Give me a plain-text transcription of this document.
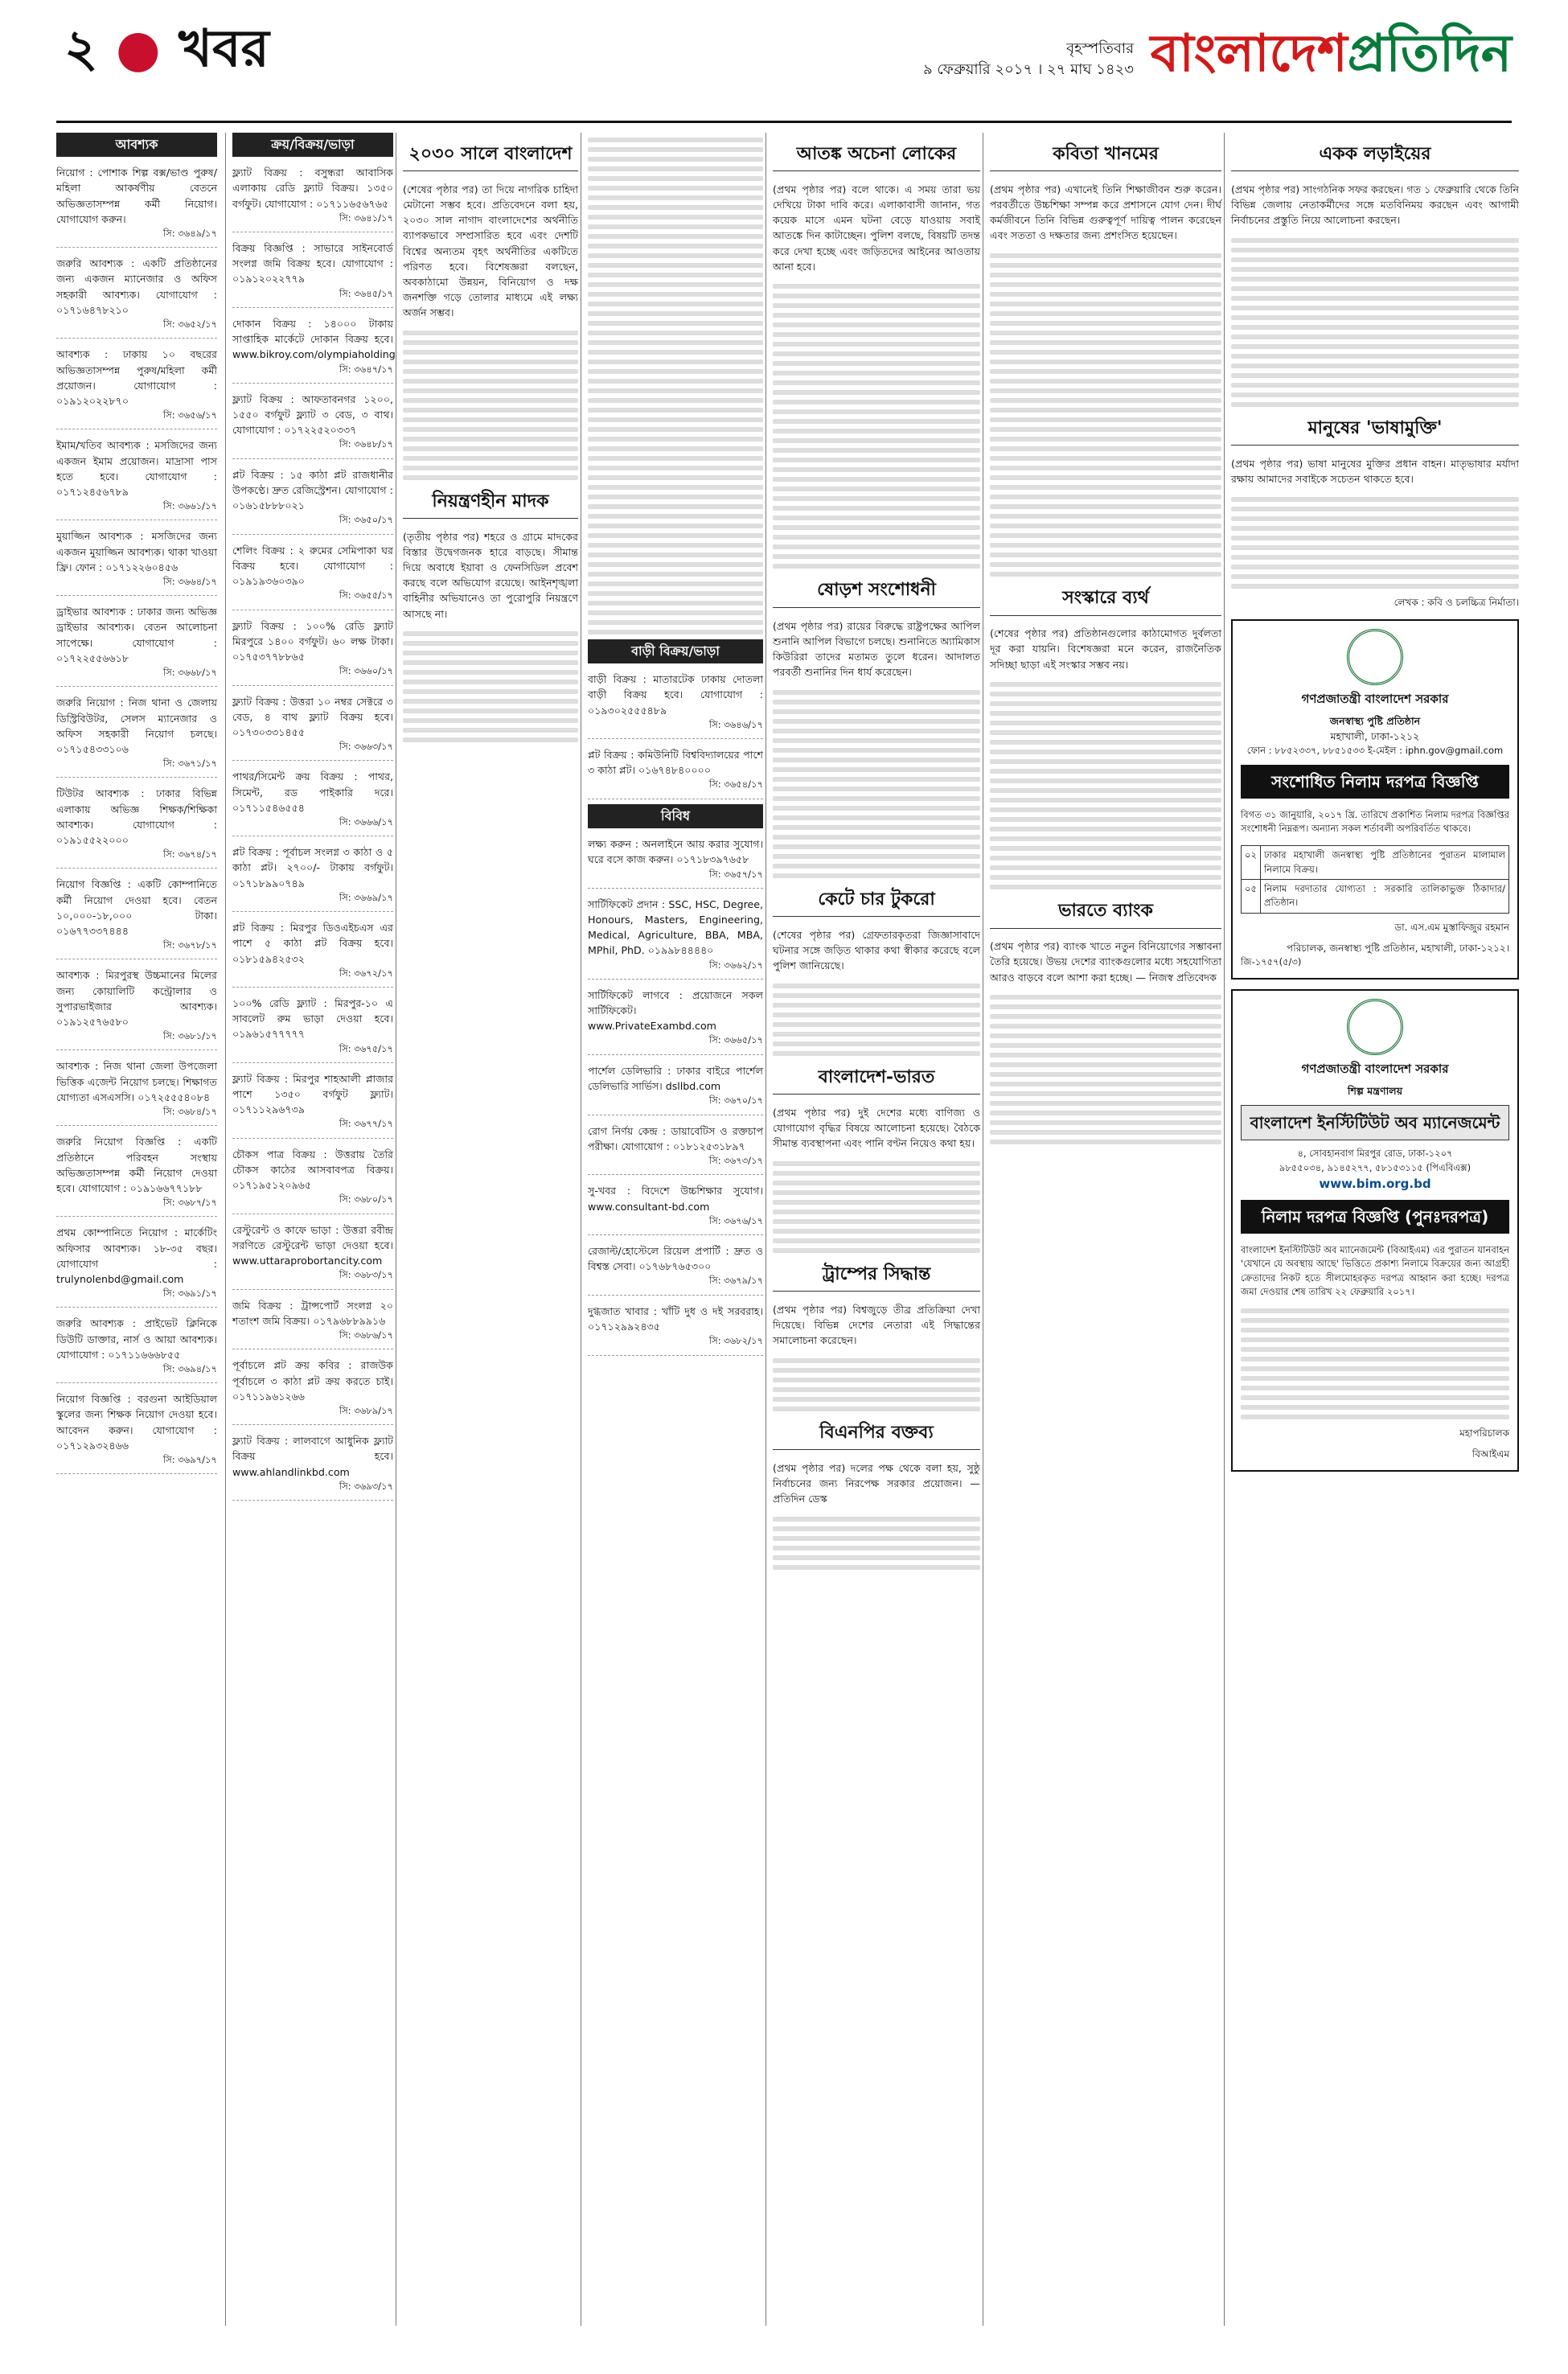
২ ● খবর	বৃহস্পতিবার
৯ ফেব্রুয়ারি ২০১৭ । ২৭ মাঘ ১৪২৩ বাংলাদেশপ্রতিদিন
আবশ্যক
নিয়োগ : পোশাক শিল্প বক্স/ভাণ্ড পুরুষ/মহিলা আকর্ষণীয় বেতনে অভিজ্ঞতাসম্পন্ন কর্মী নিয়োগ। যোগাযোগ করুন।
সি: ৩৬৪৯/১৭
জরুরি আবশ্যক : একটি প্রতিষ্ঠানের জন্য একজন ম্যানেজার ও অফিস সহকারী আবশ্যক। যোগাযোগ : ০১৭১৬৪৭৮২১০
সি: ৩৬৫২/১৭
আবশ্যক : ঢাকায় ১০ বছরের অভিজ্ঞতাসম্পন্ন পুরুষ/মহিলা কর্মী প্রয়োজন। যোগাযোগ : ০১৯১২০২২৮৭০
সি: ৩৬৫৬/১৭
ইমাম/খতিব আবশ্যক : মসজিদের জন্য একজন ইমাম প্রয়োজন। মাদ্রাসা পাস হতে হবে। যোগাযোগ : ০১৭১২৪৫৬৭৮৯
সি: ৩৬৬১/১৭
মুয়াজ্জিন আবশ্যক : মসজিদের জন্য একজন মুয়াজ্জিন আবশ্যক। থাকা খাওয়া ফ্রি। ফোন : ০১৭১২২৬০৪৫৬
সি: ৩৬৬৪/১৭
ড্রাইভার আবশ্যক : ঢাকার জন্য অভিজ্ঞ ড্রাইভার আবশ্যক। বেতন আলোচনা সাপেক্ষে। যোগাযোগ : ০১৭২২৫৫৬৬১৮
সি: ৩৬৬৮/১৭
জরুরি নিয়োগ : নিজ থানা ও জেলায় ডিস্ট্রিবিউটর, সেলস ম্যানেজার ও অফিস সহকারী নিয়োগ চলছে। ০১৭১৫৪৩৩১০৬
সি: ৩৬৭১/১৭
টিউটর আবশ্যক : ঢাকার বিভিন্ন এলাকায় অভিজ্ঞ শিক্ষক/শিক্ষিকা আবশ্যক। যোগাযোগ : ০১৯১৫৫২২০০০
সি: ৩৬৭৪/১৭
নিয়োগ বিজ্ঞপ্তি : একটি কোম্পানিতে কর্মী নিয়োগ দেওয়া হবে। বেতন ১০,০০০-১৮,০০০ টাকা। ০১৬৭৭৩৩৭৪৪৪
সি: ৩৬৭৮/১৭
আবশ্যক : মিরপুরস্থ উচ্চমানের মিলের জন্য কোয়ালিটি কন্ট্রোলার ও সুপারভাইজার আবশ্যক। ০১৯১২৫৭৬৫৮০
সি: ৩৬৮১/১৭
আবশ্যক : নিজ থানা জেলা উপজেলা ভিত্তিক এজেন্ট নিয়োগ চলছে। শিক্ষাগত যোগ্যতা এসএসসি। ০১৭২৫৫৫৪০৮৪
সি: ৩৬৮৪/১৭
জরুরি নিয়োগ বিজ্ঞপ্তি : একটি প্রতিষ্ঠানে পরিবহন সংস্থায় অভিজ্ঞতাসম্পন্ন কর্মী নিয়োগ দেওয়া হবে। যোগাযোগ : ০১৯১৬৬৭৭১৮৮
সি: ৩৬৮৭/১৭
প্রথম কোম্পানিতে নিয়োগ : মার্কেটিং অফিসার আবশ্যক। ১৮-৩৫ বছর। যোগাযোগ : trulynolenbd@gmail.com
সি: ৩৬৯১/১৭
জরুরি আবশ্যক : প্রাইভেট ক্লিনিকে ডিউটি ডাক্তার, নার্স ও আয়া আবশ্যক। যোগাযোগ : ০১৭১১৬৬৬৮৫৫
সি: ৩৬৯৪/১৭
নিয়োগ বিজ্ঞপ্তি : বরগুনা আইডিয়াল স্কুলের জন্য শিক্ষক নিয়োগ দেওয়া হবে। আবেদন করুন। যোগাযোগ : ০১৭১২৯৩২৪৬৬
সি: ৩৬৯৭/১৭
ক্রয়/বিক্রয়/ভাড়া
ফ্ল্যাট বিক্রয় : বসুন্ধরা আবাসিক এলাকায় রেডি ফ্ল্যাট বিক্রয়। ১৩৫০ বর্গফুট। যোগাযোগ : ০১৭১১৬৫৬৭৬৫
সি: ৩৬৪১/১৭
বিক্রয় বিজ্ঞপ্তি : সাভারে সাইনবোর্ড সংলগ্ন জমি বিক্রয় হবে। যোগাযোগ : ০১৯১২০২২৭৭৯
সি: ৩৬৪৫/১৭
দোকান বিক্রয় : ১৪০০০ টাকায় সাপ্তাহিক মার্কেটে দোকান বিক্রয় হবে। www.bikroy.com/olympiaholding
সি: ৩৬৪৭/১৭
ফ্ল্যাট বিক্রয় : আফতাবনগর ১২০০, ১৫৫০ বর্গফুট ফ্ল্যাট ৩ বেড, ৩ বাথ। যোগাযোগ : ০১৭২২৫২০৩৩৭
সি: ৩৬৪৮/১৭
প্লট বিক্রয় : ১৫ কাঠা প্লট রাজধানীর উপকণ্ঠে। দ্রুত রেজিস্ট্রেশন। যোগাযোগ : ০১৬১৫৮৮৮০২১
সি: ৩৬৫০/১৭
শেলিং বিক্রয় : ২ রুমের সেমিপাকা ঘর বিক্রয় হবে। যোগাযোগ : ০১৯১৯৩৬০৩৯০
সি: ৩৬৫৫/১৭
ফ্ল্যাট বিক্রয় : ১০০% রেডি ফ্ল্যাট মিরপুরে ১৪০০ বর্গফুট। ৬০ লক্ষ টাকা। ০১৭৫৩৭৭৮৮৬৫
সি: ৩৬৬০/১৭
ফ্ল্যাট বিক্রয় : উত্তরা ১০ নম্বর সেক্টরে ৩ বেড, ৪ বাথ ফ্ল্যাট বিক্রয় হবে। ০১৭৩০৩৩১৪৫৫
সি: ৩৬৬৩/১৭
পাথর/সিমেন্ট ক্রয় বিক্রয় : পাথর, সিমেন্ট, রড পাইকারি দরে। ০১৭১১৫৪৬৫৫৪
সি: ৩৬৬৬/১৭
প্লট বিক্রয় : পূর্বাচল সংলগ্ন ৩ কাঠা ও ৫ কাঠা প্লট। ২৭০০/- টাকায় বর্গফুট। ০১৭১৮৯৯০৭৪৯
সি: ৩৬৬৯/১৭
প্লট বিক্রয় : মিরপুর ডিওএইচএস এর পাশে ৫ কাঠা প্লট বিক্রয় হবে। ০১৮১৫৯৪২৫৩২
সি: ৩৬৭২/১৭
১০০% রেডি ফ্ল্যাট : মিরপুর-১০ এ সাবলেট রুম ভাড়া দেওয়া হবে। ০১৯৬১৫৭৭৭৭৭
সি: ৩৬৭৫/১৭
ফ্ল্যাট বিক্রয় : মিরপুর শাহআলী প্লাজার পাশে ১৩৫০ বর্গফুট ফ্ল্যাট। ০১৭১১২৯৬৭৩৯
সি: ৩৬৭৭/১৭
চৌকস পাত্র বিক্রয় : উত্তরায় তৈরি চৌকস কাঠের আসবাবপত্র বিক্রয়। ০১৭১৯৫১২০৯৬৫
সি: ৩৬৮০/১৭
রেস্টুরেন্ট ও কাফে ভাড়া : উত্তরা রবীন্দ্র সরণিতে রেস্টুরেন্ট ভাড়া দেওয়া হবে। www.uttaraprobortancity.com
সি: ৩৬৮৩/১৭
জমি বিক্রয় : ট্রান্সপোর্ট সংলগ্ন ২০ শতাংশ জমি বিক্রয়। ০১৭৯৬৮৮৯৯১৬
সি: ৩৬৮৬/১৭
পূর্বাচলে প্লট ক্রয় কবির : রাজউক পূর্বাচলে ৩ কাঠা প্লট ক্রয় করতে চাই। ০১৭১১৯৬১২৬৬
সি: ৩৬৮৯/১৭
ফ্ল্যাট বিক্রয় : লালবাগে আধুনিক ফ্ল্যাট বিক্রয় হবে। www.ahlandlinkbd.com
সি: ৩৬৯৩/১৭
২০৩০ সালে বাংলাদেশ

(শেষের পৃষ্ঠার পর) তা দিয়ে নাগরিক চাহিদা মেটানো সম্ভব হবে। প্রতিবেদনে বলা হয়, ২০৩০ সাল নাগাদ বাংলাদেশের অর্থনীতি ব্যাপকভাবে সম্প্রসারিত হবে এবং দেশটি বিশ্বের অন্যতম বৃহৎ অর্থনীতির একটিতে পরিণত হবে। বিশেষজ্ঞরা বলছেন, অবকাঠামো উন্নয়ন, বিনিয়োগ ও দক্ষ জনশক্তি গড়ে তোলার মাধ্যমে এই লক্ষ্য অর্জন সম্ভব।

নিয়ন্ত্রণহীন মাদক

(তৃতীয় পৃষ্ঠার পর) শহরে ও গ্রামে মাদকের বিস্তার উদ্বেগজনক হারে বাড়ছে। সীমান্ত দিয়ে অবাধে ইয়াবা ও ফেনসিডিল প্রবেশ করছে বলে অভিযোগ রয়েছে। আইনশৃঙ্খলা বাহিনীর অভিযানেও তা পুরোপুরি নিয়ন্ত্রণে আসছে না।

বাড়ী বিক্রয়/ভাড়া
বাড়ী বিক্রয় : মাতারটেক ঢাকায় দোতলা বাড়ী বিক্রয় হবে। যোগাযোগ : ০১৯৩০২৫৫৫৪৮৯
সি: ৩৬৪৬/১৭
প্লট বিক্রয় : কমিউনিটি বিশ্ববিদ্যালয়ের পাশে ৩ কাঠা প্লট। ০১৬৭৪৮৪০০০০
সি: ৩৬৫৪/১৭
বিবিধ
লক্ষ্য করুন : অনলাইনে আয় করার সুযোগ। ঘরে বসে কাজ করুন। ০১৭১৮৩৯৭৬৫৮
সি: ৩৬৫৭/১৭
সার্টিফিকেট প্রদান : SSC, HSC, Degree, Honours, Masters, Engineering, Medical, Agriculture, BBA, MBA, MPhil, PhD. ০১৯৯৮৪৪৪৪০
সি: ৩৬৬২/১৭
সার্টিফিকেট লাগবে : প্রয়োজনে সকল সার্টিফিকেট। www.PrivateExambd.com
সি: ৩৬৬৫/১৭
পার্শেল ডেলিভারি : ঢাকার বাইরে পার্শেল ডেলিভারি সার্ভিস। dsllbd.com
সি: ৩৬৭০/১৭
রোগ নির্ণয় কেন্দ্র : ডায়াবেটিস ও রক্তচাপ পরীক্ষা। যোগাযোগ : ০১৮১২৫৩১৮৯৭
সি: ৩৬৭৩/১৭
সু-খবর : বিদেশে উচ্চশিক্ষার সুযোগ। www.consultant-bd.com
সি: ৩৬৭৬/১৭
রেজাল্ট/হোস্টেলে রিয়েল প্রপার্টি : দ্রুত ও বিশ্বস্ত সেবা। ০১৭৬৮৭৬৫৩০০
সি: ৩৬৭৯/১৭
দুগ্ধজাত খাবার : খাঁটি দুধ ও দই সরবরাহ। ০১৭১২৯৯২৪৩৫
সি: ৩৬৮২/১৭
আতঙ্ক অচেনা লোকের

(প্রথম পৃষ্ঠার পর) বলে থাকে। এ সময় তারা ভয় দেখিয়ে টাকা দাবি করে। এলাকাবাসী জানান, গত কয়েক মাসে এমন ঘটনা বেড়ে যাওয়ায় সবাই আতঙ্কে দিন কাটাচ্ছেন। পুলিশ বলছে, বিষয়টি তদন্ত করে দেখা হচ্ছে এবং জড়িতদের আইনের আওতায় আনা হবে।

ষোড়শ সংশোধনী

(প্রথম পৃষ্ঠার পর) রায়ের বিরুদ্ধে রাষ্ট্রপক্ষের আপিল শুনানি আপিল বিভাগে চলছে। শুনানিতে অ্যামিকাস কিউরিরা তাদের মতামত তুলে ধরেন। আদালত পরবর্তী শুনানির দিন ধার্য করেছেন।

কেটে চার টুকরো

(শেষের পৃষ্ঠার পর) গ্রেফতারকৃতরা জিজ্ঞাসাবাদে ঘটনার সঙ্গে জড়িত থাকার কথা স্বীকার করেছে বলে পুলিশ জানিয়েছে।

বাংলাদেশ-ভারত

(প্রথম পৃষ্ঠার পর) দুই দেশের মধ্যে বাণিজ্য ও যোগাযোগ বৃদ্ধির বিষয়ে আলোচনা হয়েছে। বৈঠকে সীমান্ত ব্যবস্থাপনা এবং পানি বণ্টন নিয়েও কথা হয়।

ট্রাম্পের সিদ্ধান্ত

(প্রথম পৃষ্ঠার পর) বিশ্বজুড়ে তীব্র প্রতিক্রিয়া দেখা দিয়েছে। বিভিন্ন দেশের নেতারা এই সিদ্ধান্তের সমালোচনা করেছেন।

বিএনপির বক্তব্য

(প্রথম পৃষ্ঠার পর) দলের পক্ষ থেকে বলা হয়, সুষ্ঠু নির্বাচনের জন্য নিরপেক্ষ সরকার প্রয়োজন। — প্রতিদিন ডেস্ক

কবিতা খানমের

(প্রথম পৃষ্ঠার পর) এখানেই তিনি শিক্ষাজীবন শুরু করেন। পরবর্তীতে উচ্চশিক্ষা সম্পন্ন করে প্রশাসনে যোগ দেন। দীর্ঘ কর্মজীবনে তিনি বিভিন্ন গুরুত্বপূর্ণ দায়িত্ব পালন করেছেন এবং সততা ও দক্ষতার জন্য প্রশংসিত হয়েছেন।

সংস্কারে ব্যর্থ

(শেষের পৃষ্ঠার পর) প্রতিষ্ঠানগুলোর কাঠামোগত দুর্বলতা দূর করা যায়নি। বিশেষজ্ঞরা মনে করেন, রাজনৈতিক সদিচ্ছা ছাড়া এই সংস্কার সম্ভব নয়।

ভারতে ব্যাংক

(প্রথম পৃষ্ঠার পর) ব্যাংক খাতে নতুন বিনিয়োগের সম্ভাবনা তৈরি হয়েছে। উভয় দেশের ব্যাংকগুলোর মধ্যে সহযোগিতা আরও বাড়বে বলে আশা করা হচ্ছে। — নিজস্ব প্রতিবেদক

একক লড়াইয়ের

(প্রথম পৃষ্ঠার পর) সাংগঠনিক সফর করছেন। গত ১ ফেব্রুয়ারি থেকে তিনি বিভিন্ন জেলায় নেতাকর্মীদের সঙ্গে মতবিনিময় করছেন এবং আগামী নির্বাচনের প্রস্তুতি নিয়ে আলোচনা করছেন।

মানুষের 'ভাষামুক্তি'

(প্রথম পৃষ্ঠার পর) ভাষা মানুষের মুক্তির প্রধান বাহন। মাতৃভাষার মর্যাদা রক্ষায় আমাদের সবাইকে সচেতন থাকতে হবে।

লেখক : কবি ও চলচ্চিত্র নির্মাতা।
গণপ্রজাতন্ত্রী বাংলাদেশ সরকার
জনস্বাস্থ্য পুষ্টি প্রতিষ্ঠান
মহাখালী, ঢাকা-১২১২
ফোন : ৮৮৫২৩৩৭, ৮৮৫১৫৩৩ ই-মেইল : iphn.gov@gmail.com
সংশোধিত নিলাম দরপত্র বিজ্ঞপ্তি

বিগত ৩১ জানুয়ারি, ২০১৭ খ্রি. তারিখে প্রকাশিত নিলাম দরপত্র বিজ্ঞপ্তির সংশোধনী নিম্নরূপ। অন্যান্য সকল শর্তাবলী অপরিবর্তিত থাকবে।

০২	ঢাকার মহাখালী জনস্বাস্থ্য পুষ্টি প্রতিষ্ঠানের পুরাতন মালামাল নিলামে বিক্রয়।
০৫	নিলাম দরদাতার যোগ্যতা : সরকারি তালিকাভুক্ত ঠিকাদার/প্রতিষ্ঠান।
ডা. এস.এম মুস্তাফিজুর রহমান
পরিচালক, জনস্বাস্থ্য পুষ্টি প্রতিষ্ঠান, মহাখালী, ঢাকা-১২১২।
জি-১৭৫৭(৫/৩)
গণপ্রজাতন্ত্রী বাংলাদেশ সরকার
শিল্প মন্ত্রণালয়
বাংলাদেশ ইনস্টিটিউট অব ম্যানেজমেন্ট
৪, সোবহানবাগ মিরপুর রোড, ঢাকা-১২০৭
৯৮৫৫০৩৪, ৯১৪৫২৭৭, ৫৮১৫৩১১৫ (পিএবিএক্স)
www.bim.org.bd
নিলাম দরপত্র বিজ্ঞপ্তি (পুনঃদরপত্র)

বাংলাদেশ ইনস্টিটিউট অব ম্যানেজমেন্ট (বিআইএম) এর পুরাতন যানবাহন 'যেখানে যে অবস্থায় আছে' ভিত্তিতে প্রকাশ্য নিলামে বিক্রয়ের জন্য আগ্রহী ক্রেতাদের নিকট হতে সীলমোহরকৃত দরপত্র আহ্বান করা হচ্ছে। দরপত্র জমা দেওয়ার শেষ তারিখ ২২ ফেব্রুয়ারি ২০১৭।

মহাপরিচালক
বিআইএম
